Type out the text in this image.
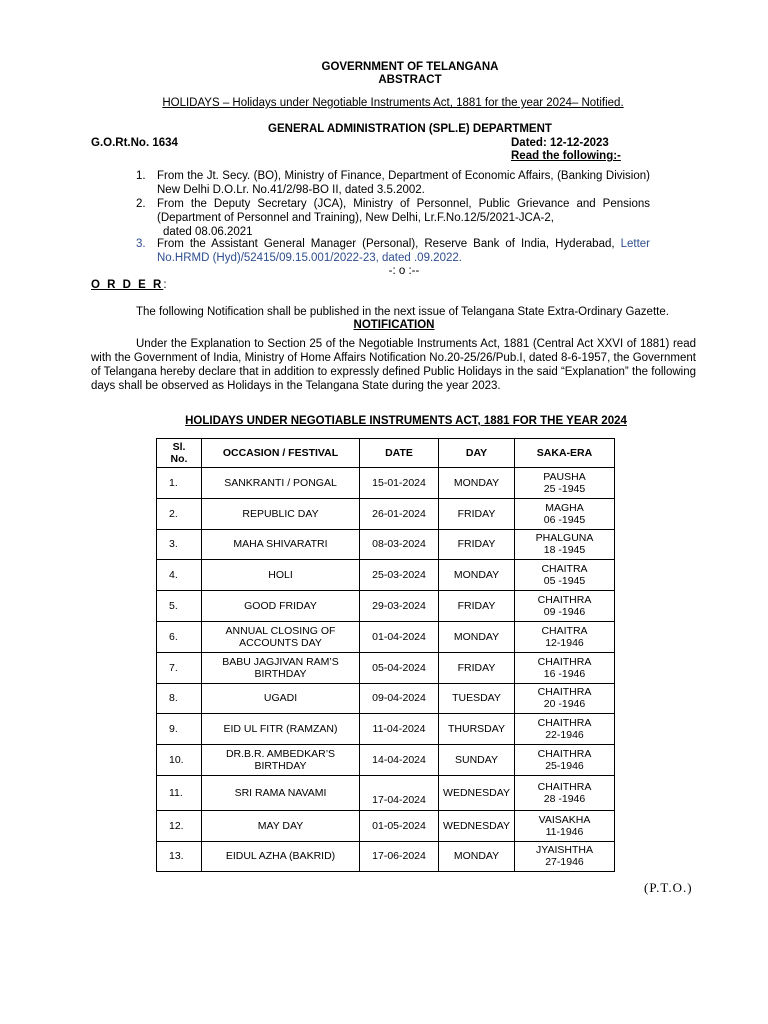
GOVERNMENT OF TELANGANA
ABSTRACT
HOLIDAYS – Holidays under Negotiable Instruments Act, 1881 for the year 2024– Notified.
GENERAL ADMINISTRATION (SPL.E) DEPARTMENT
G.O.Rt.No. 1634	Dated: 12-12-2023
Read the following:-
1. From the Jt. Secy. (BO), Ministry of Finance, Department of Economic Affairs, (Banking Division) New Delhi D.O.Lr. No.41/2/98-BO II, dated 3.5.2002.
2. From the Deputy Secretary (JCA), Ministry of Personnel, Public Grievance and Pensions (Department of Personnel and Training), New Delhi, Lr.F.No.12/5/2021-JCA-2,
dated 08.06.2021
3. From the Assistant General Manager (Personal), Reserve Bank of India, Hyderabad, Letter No.HRMD (Hyd)/52415/09.15.001/2022-23, dated .09.2022.
-: o :--
O R D E R:
The following Notification shall be published in the next issue of Telangana State Extra-Ordinary Gazette.
NOTIFICATION
Under the Explanation to Section 25 of the Negotiable Instruments Act, 1881 (Central Act XXVI of 1881) read with the Government of India, Ministry of Home Affairs Notification No.20-25/26/Pub.I, dated 8-6-1957, the Government of Telangana hereby declare that in addition to expressly defined Public Holidays in the said “Explanation” the following days shall be observed as Holidays in the Telangana State during the year 2023.
HOLIDAYS UNDER NEGOTIABLE INSTRUMENTS ACT, 1881 FOR THE YEAR 2024
Sl.
No.	OCCASION / FESTIVAL	DATE	DAY	SAKA-ERA
1.	SANKRANTI / PONGAL	15-01-2024	MONDAY	PAUSHA
25 -1945
2.	REPUBLIC DAY	26-01-2024	FRIDAY	MAGHA
06 -1945
3.	MAHA SHIVARATRI	08-03-2024	FRIDAY	PHALGUNA
18 -1945
4.	HOLI	25-03-2024	MONDAY	CHAITRA
05 -1945
5.	GOOD FRIDAY	29-03-2024	FRIDAY	CHAITHRA
09 -1946
6.	ANNUAL CLOSING OF
ACCOUNTS DAY	01-04-2024	MONDAY	CHAITRA
12-1946
7.	BABU JAGJIVAN RAM’S
BIRTHDAY	05-04-2024	FRIDAY	CHAITHRA
16 -1946
8.	UGADI	09-04-2024	TUESDAY	CHAITHRA
20 -1946
9.	EID UL FITR (RAMZAN)	11-04-2024	THURSDAY	CHAITHRA
22-1946
10.	DR.B.R. AMBEDKAR’S
BIRTHDAY	14-04-2024	SUNDAY	CHAITHRA
25-1946
11.	SRI RAMA NAVAMI	17-04-2024	WEDNESDAY	CHAITHRA
28 -1946
12.	MAY DAY	01-05-2024	WEDNESDAY	VAISAKHA
11-1946
13.	EIDUL AZHA (BAKRID)	17-06-2024	MONDAY	JYAISHTHA
27-1946
(P.T.O.)
